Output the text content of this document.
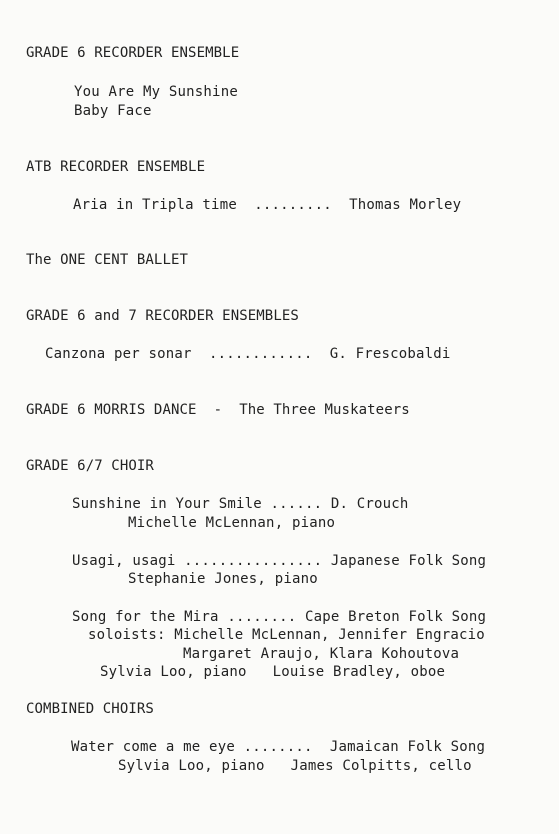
GRADE 6 RECORDER ENSEMBLE
You Are My Sunshine
Baby Face
ATB RECORDER ENSEMBLE
Aria in Tripla time  .........  Thomas Morley
The ONE CENT BALLET
GRADE 6 and 7 RECORDER ENSEMBLES
Canzona per sonar  ............  G. Frescobaldi
GRADE 6 MORRIS DANCE  -  The Three Muskateers
GRADE 6/7 CHOIR
Sunshine in Your Smile ...... D. Crouch
Michelle McLennan, piano
Usagi, usagi ................ Japanese Folk Song
Stephanie Jones, piano
Song for the Mira ........ Cape Breton Folk Song
soloists: Michelle McLennan, Jennifer Engracio
Margaret Araujo, Klara Kohoutova
Sylvia Loo, piano   Louise Bradley, oboe
COMBINED CHOIRS
Water come a me eye ........  Jamaican Folk Song
Sylvia Loo, piano   James Colpitts, cello
